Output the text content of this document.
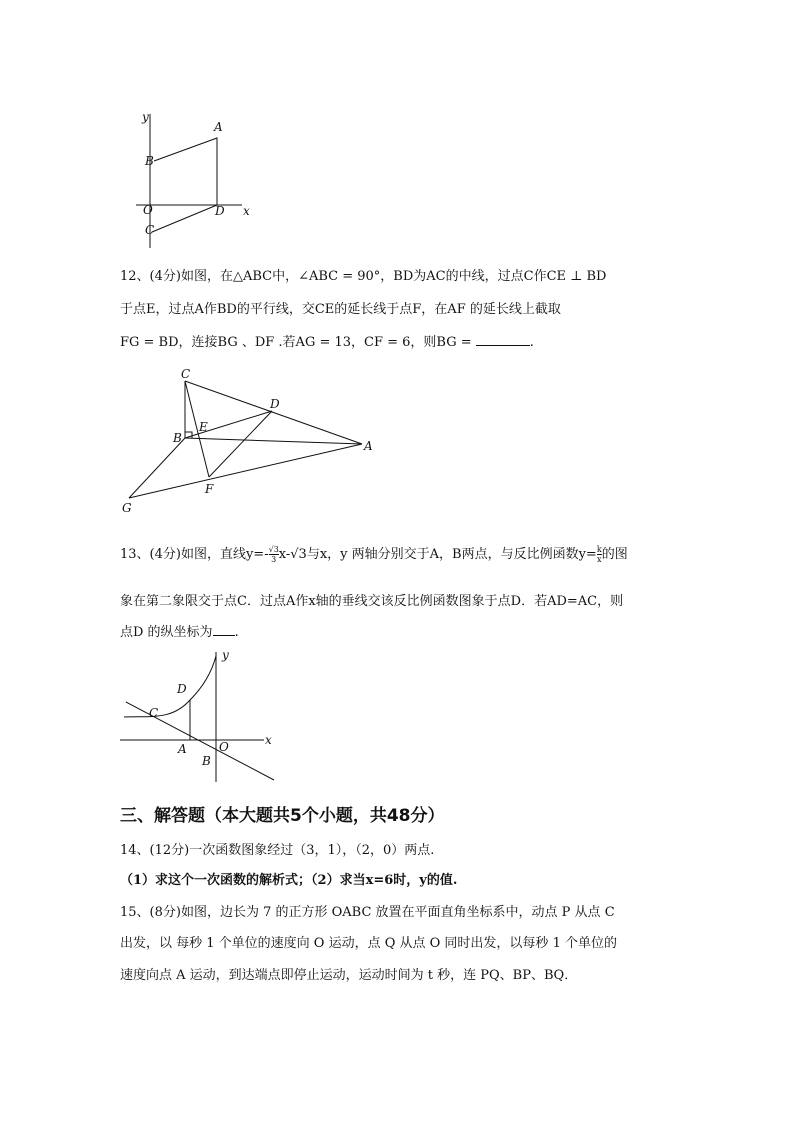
y
A
B
O	D x
C
12、(4分)如图，在△ABC中，∠ABC = 90°，BD为AC的中线，过点C作CE ⊥ BD
于点E，过点A作BD的平行线，交CE的延长线于点F，在AF 的延长线上截取
FG = BD，连接BG 、DF .若AG = 13，CF = 6，则BG =	.
C
D
E
B
A
F
G
13、(4分)如图，直线$y=- \frac{√3}{3} x-√3$与x，y 两轴分别交于A，B两点，与反比例函数$y= \frac{k}{x}$ 的图
象在第二象限交于点C．过点A作x轴的垂线交该反比例函数图象于点D．若AD=AC，则
点D 的纵坐标为 .
y
D
C
A	O	x
B
三、解答题（本大题共5个小题，共48分）
14、(12分)一次函数图象经过（3，1），（2，0）两点.
（1）求这个一次函数的解析式；（2）求当x=6时，y的值.
15、(8分)如图，边长为 7 的正方形 OABC 放置在平面直角坐标系中，动点 P 从点 C
出发，以 每秒 1 个单位的速度向 O 运动，点 Q 从点 O 同时出发，以每秒 1 个单位的
速度向点 A 运动，到达端点即停止运动，运动时间为 t 秒，连 PQ、BP、BQ．
